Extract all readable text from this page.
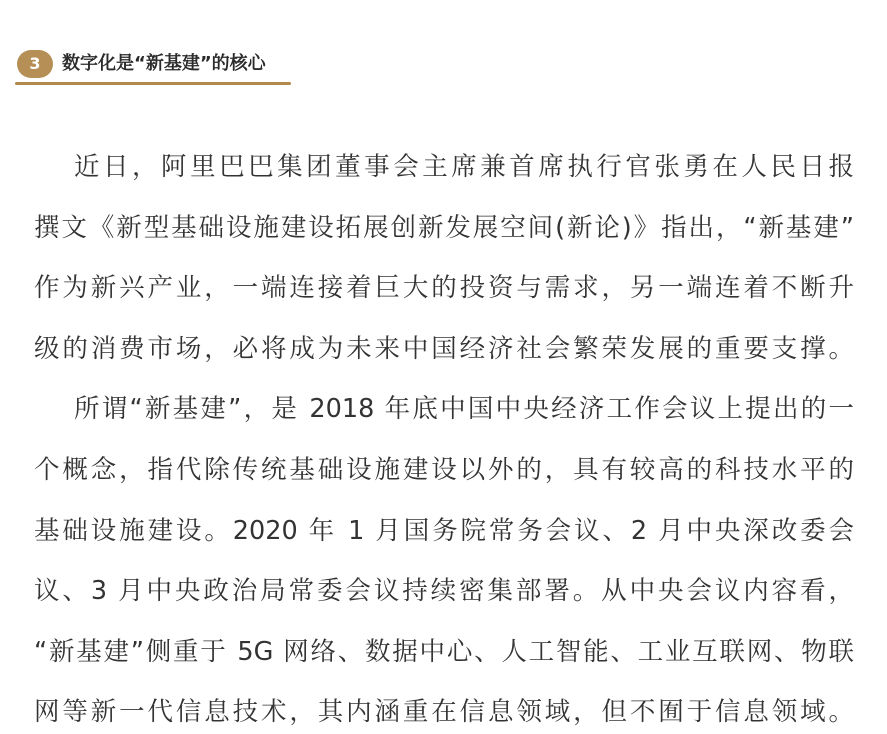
3	数字化是“新基建”的核心
近日，阿里巴巴集团董事会主席兼首席执行官张勇在人民日报
撰文《新型基础设施建设拓展创新发展空间(新论)》指出，“新基建”
作为新兴产业，一端连接着巨大的投资与需求，另一端连着不断升
级的消费市场，必将成为未来中国经济社会繁荣发展的重要支撑。
所谓“新基建”，是 2018 年底中国中央经济工作会议上提出的一
个概念，指代除传统基础设施建设以外的，具有较高的科技水平的
基础设施建设。2020 年 1 月国务院常务会议、2 月中央深改委会
议、3 月中央政治局常委会议持续密集部署。从中央会议内容看，
“新基建”侧重于 5G 网络、数据中心、人工智能、工业互联网、物联
网等新一代信息技术，其内涵重在信息领域，但不囿于信息领域。
